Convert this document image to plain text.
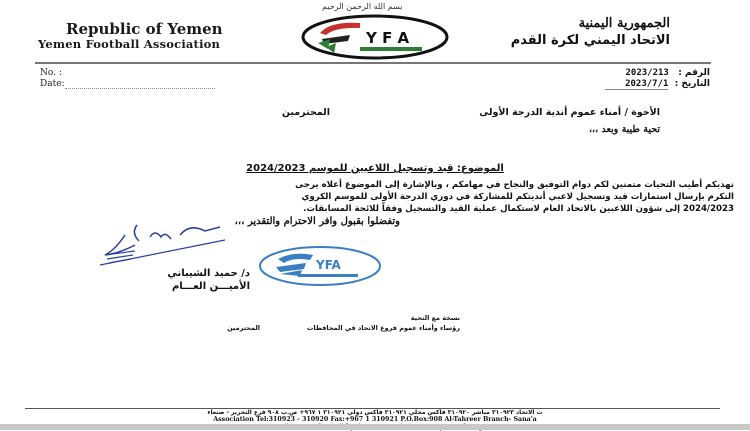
Republic of Yemen
Yemen Football Association
بسم الله الرحمن الرحيم
Y F A
الجمهورية اليمنية
الاتحاد اليمني لكرة القدم
No. :
Date:
الرقم :   2023/213
التاريخ :  2023/7/1
الأخوة / أمناء عموم أندية الدرجة الأولى
المحترمين
تحية طيبة وبعد ،،،
الموضوع: قيد وتسجيل اللاعبين للموسم 2024/2023
نهديكم أطيب التحيات متمنين لكم دوام التوفيق والنجاح في مهامكم ، وبالإشارة إلى الموضوع أعلاه يرجى
التكرم بإرسال استمارات قيد وتسجيل لاعبي أنديتكم للمشاركة في دوري الدرجة الأولى للموسم الكروي
2024/2023 إلى شؤون اللاعبين بالاتحاد العام لاستكمال عملية القيد والتسجيل وفقاً للائحة المسابقات.
وتفضلوا بقبول وافر الاحترام والتقدير ،،،
YFA
د/ حميد الشيباني
الأميـــن العـــام
نسخة مع التحية
رؤساء وأمناء عموم فروع الاتحاد في المحافظات
المحترمين
ت الاتحاد ٣١٠٩٢٣ مباشر ٣١٠٩٢٠ فاكس محلي ٣١٠٩٢١ فاكس دولي ٣١٠٩٢١ ١ ٩٦٧+ ص.ب ٩٠٨ فرع التحرير - صنعاء
Association Tel:310923 - 310920 Fax:+967 1 310921 P.O.Box:908 Al-Tahreer Branch- Sana'a
